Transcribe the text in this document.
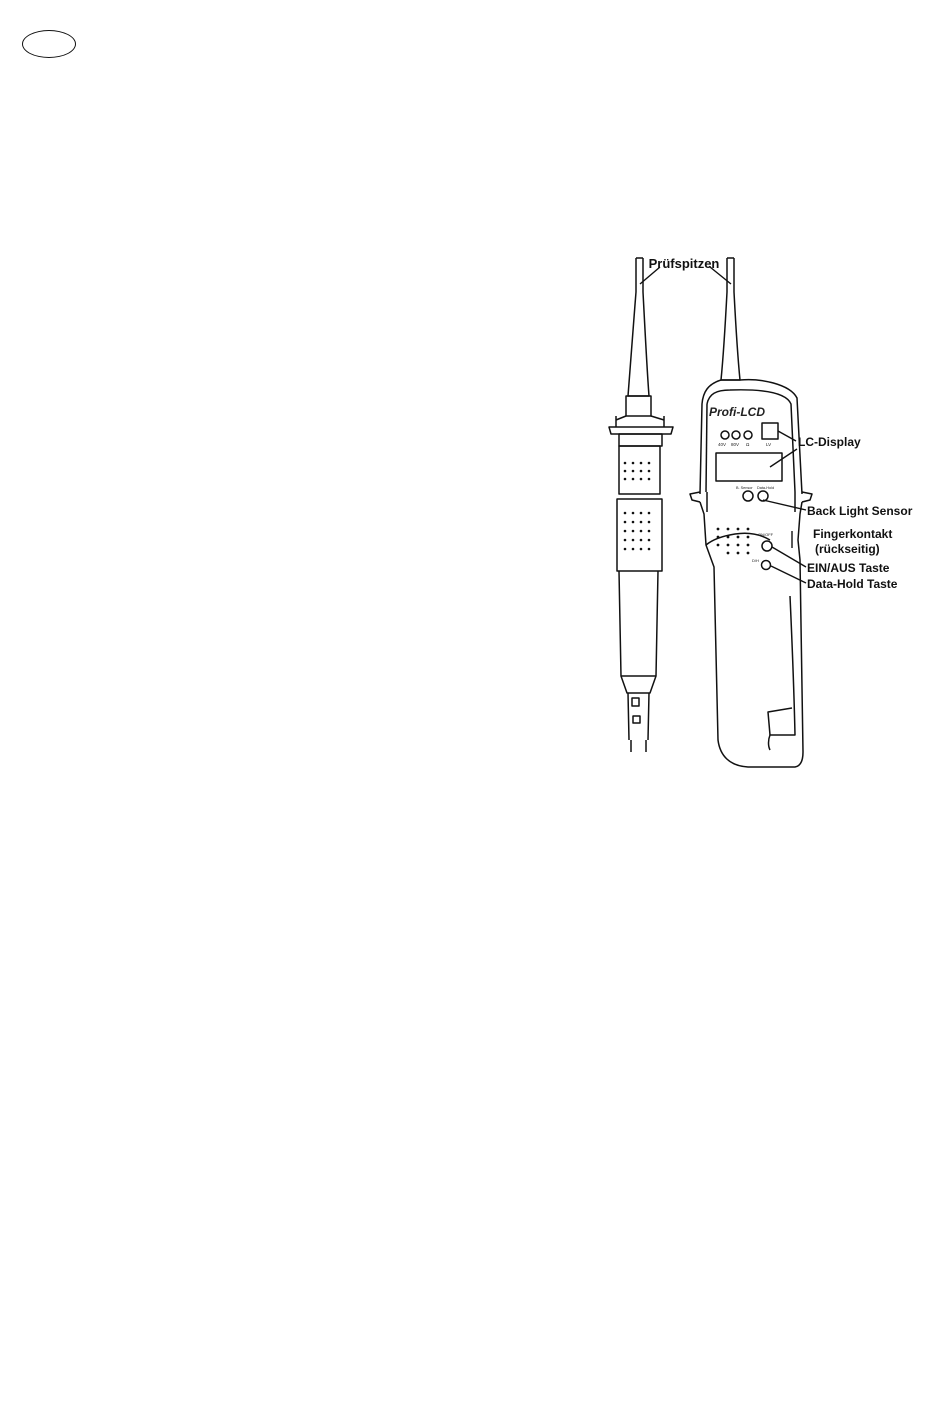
Profi-LCD
40V 80V Ω	LV
B. Sensor Data-Hold
ON/OFF
D/H
Prüfspitzen
LC-Display
Back Light Sensor
Fingerkontakt
(rückseitig)
EIN/AUS Taste
Data-Hold Taste
